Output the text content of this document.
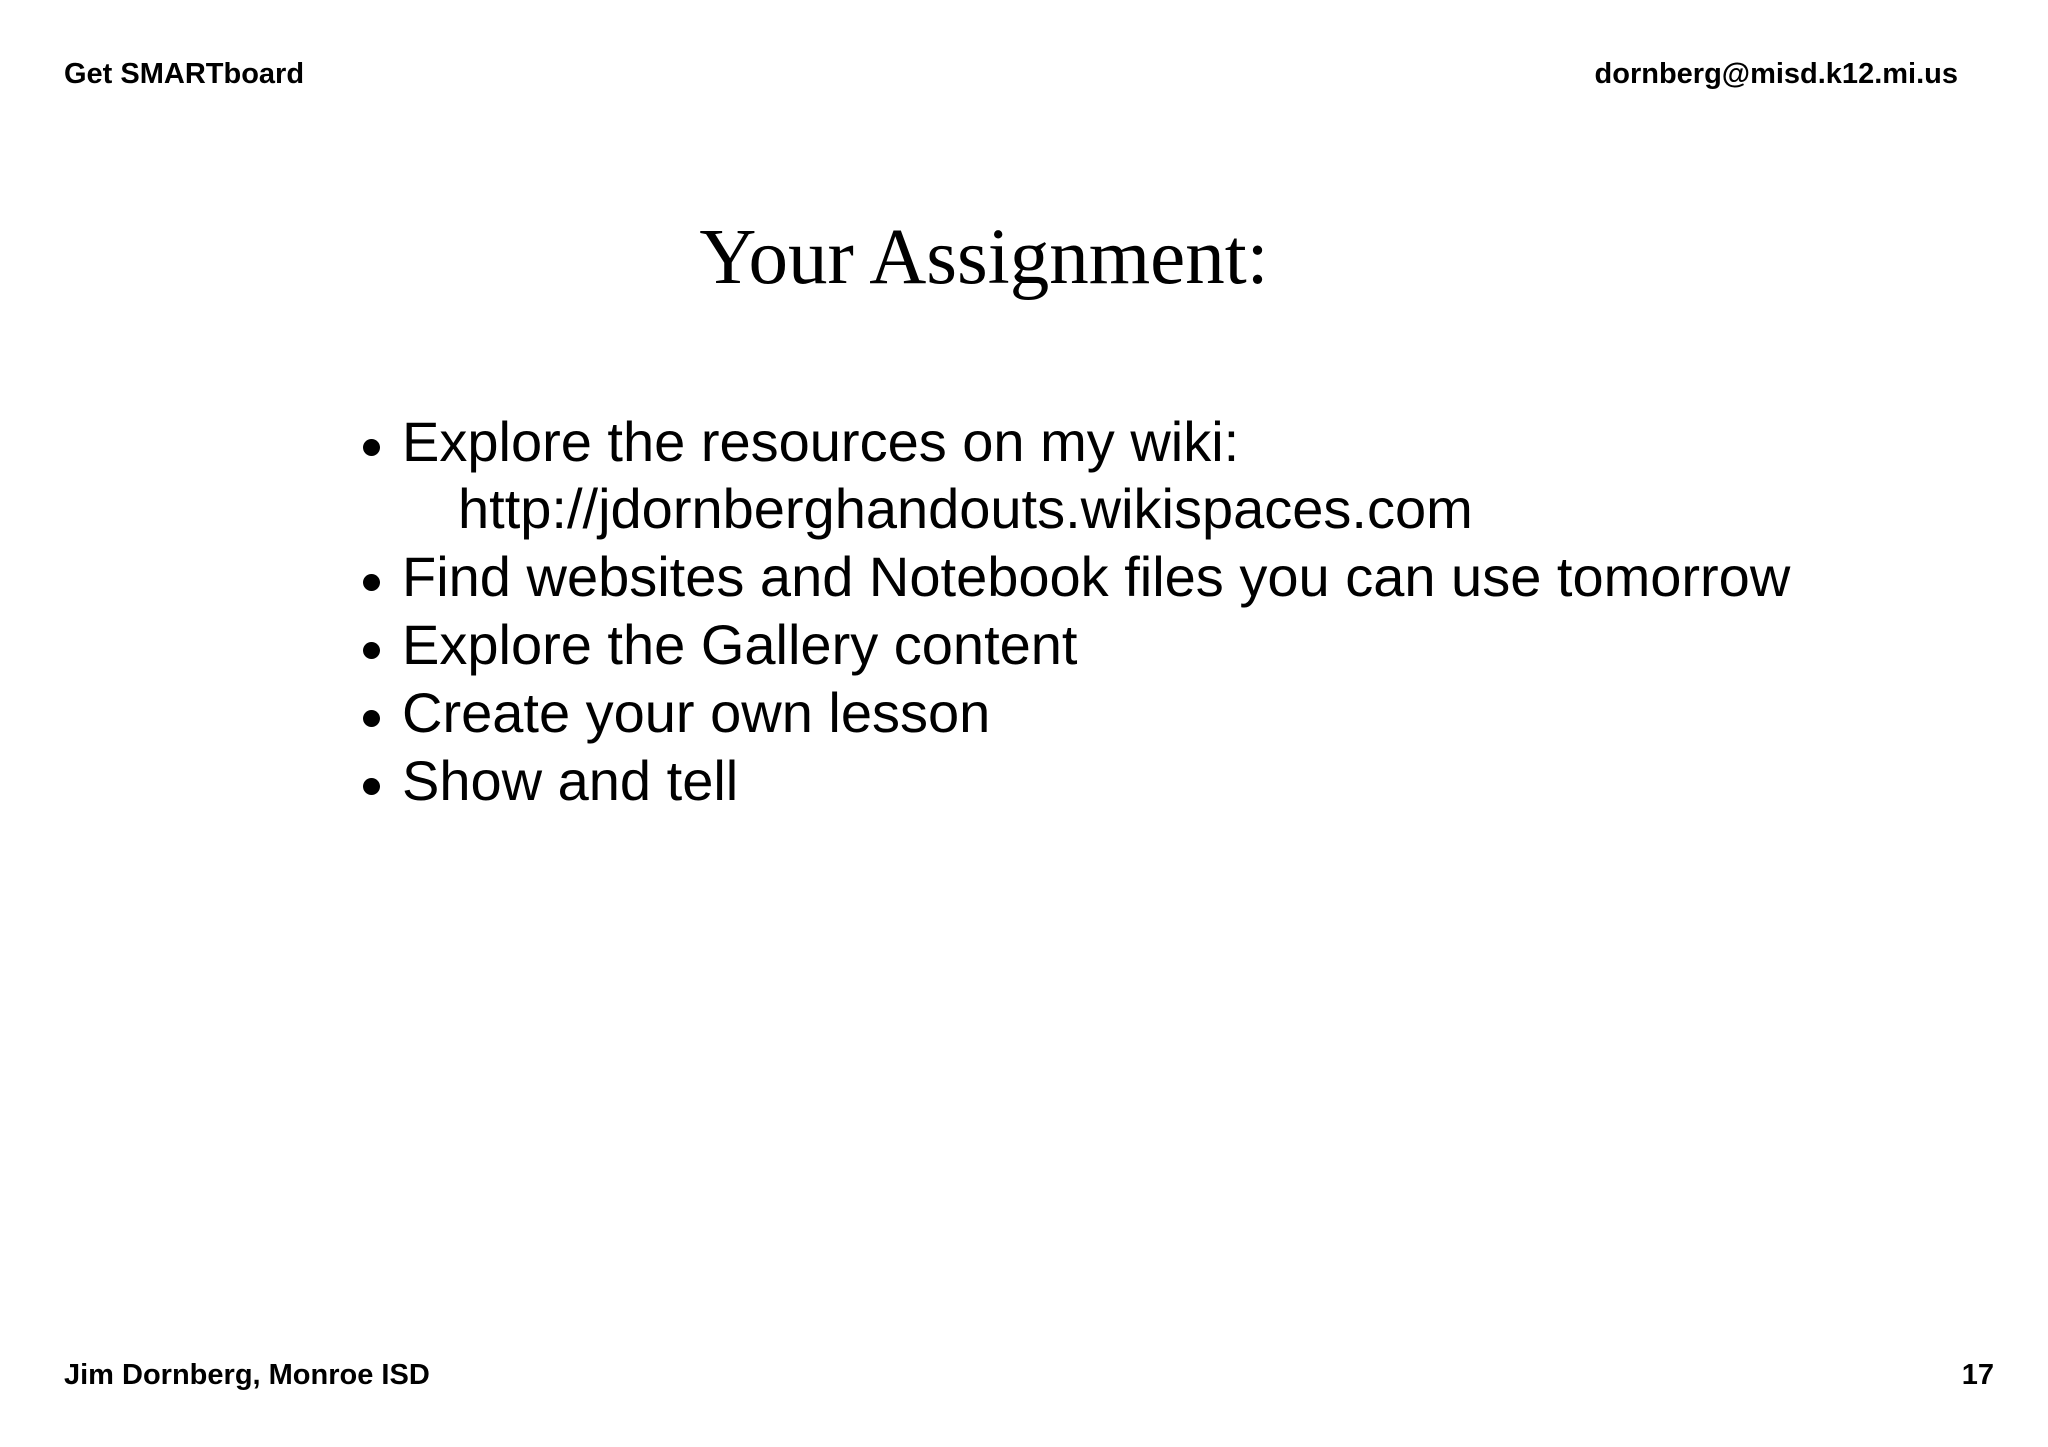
Get SMARTboard	dornberg@misd.k12.mi.us
Your Assignment:
Explore the resources on my wiki:
http://jdornberghandouts.wikispaces.com
Find websites and Notebook files you can use tomorrow
Explore the Gallery content
Create your own lesson
Show and tell
Jim Dornberg, Monroe ISD	17
